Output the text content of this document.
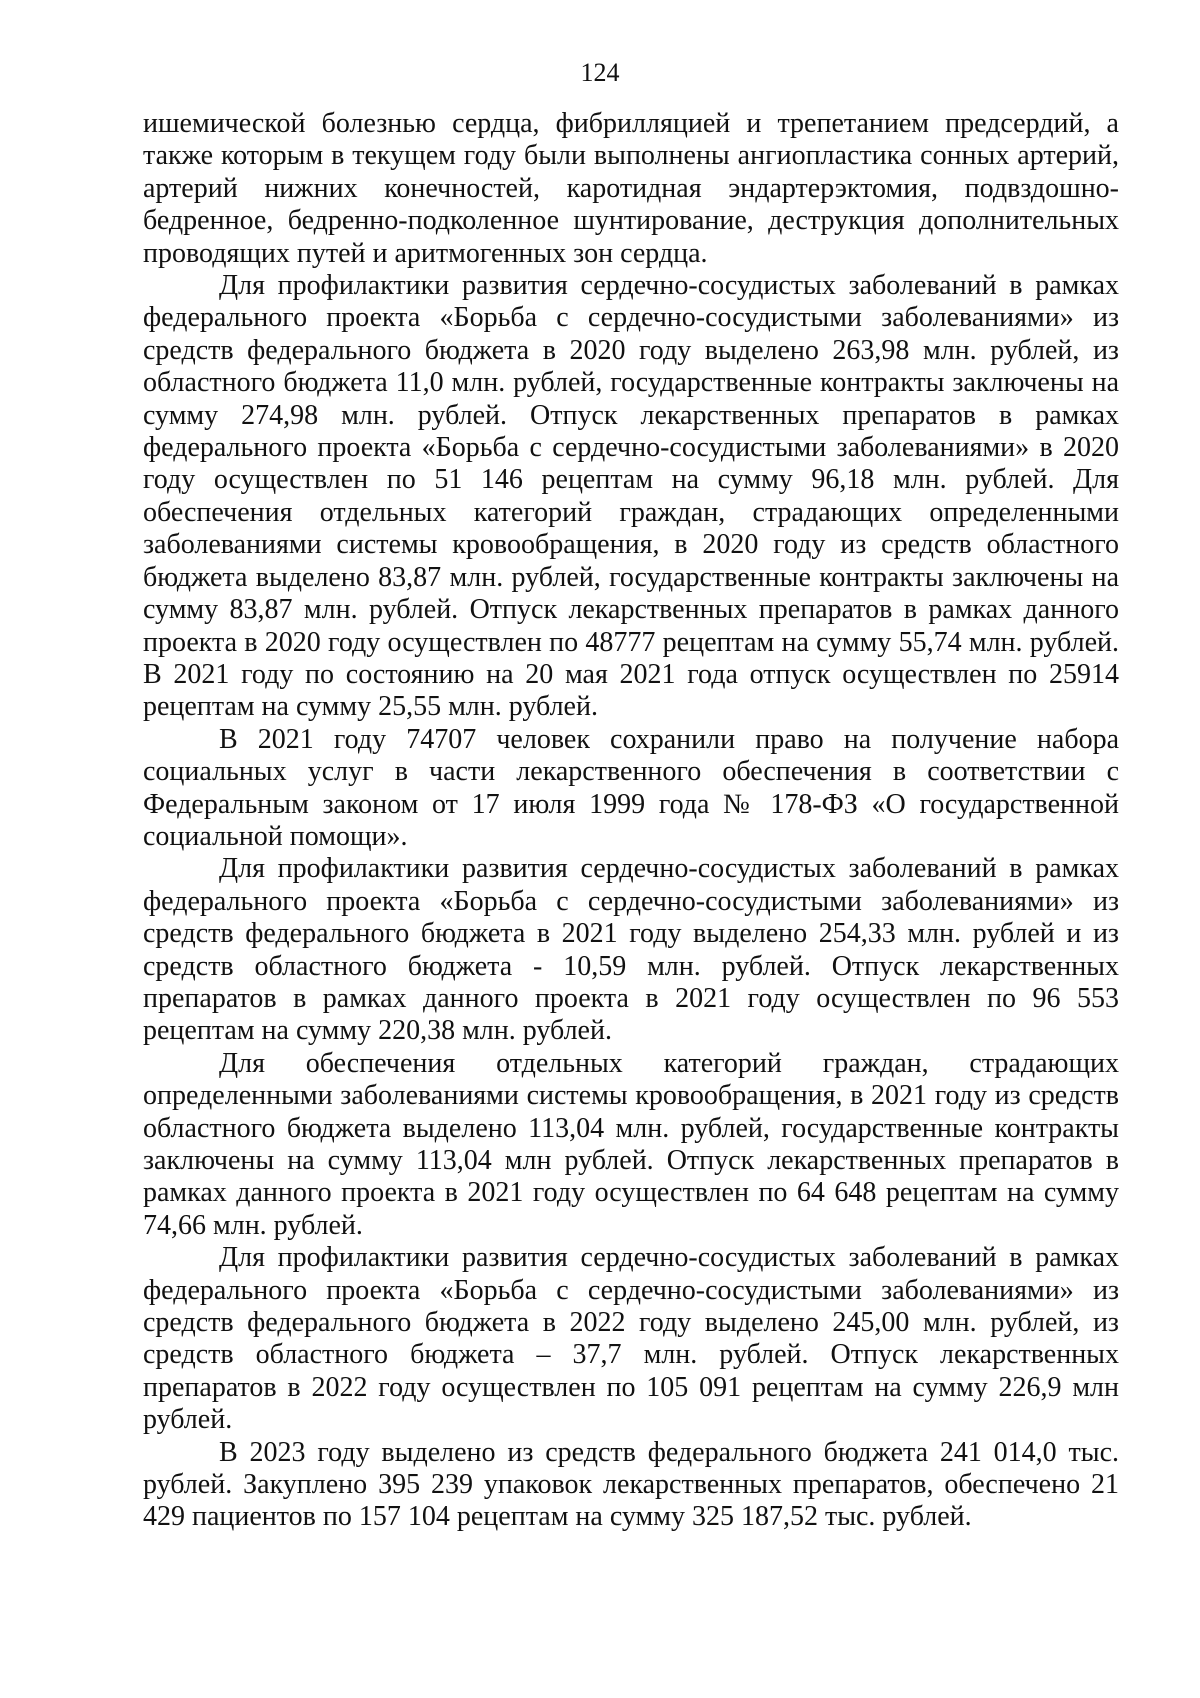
124

ишемической болезнью сердца, фибрилляцией и трепетанием предсердий, а также которым в текущем году были выполнены ангиопластика сонных артерий, артерий нижних конечностей, каротидная эндартерэктомия, подвздошно-бедренное, бедренно-подколенное шунтирование, деструкция дополнительных проводящих путей и аритмогенных зон сердца.

Для профилактики развития сердечно-сосудистых заболеваний в рамках федерального проекта «Борьба с сердечно-сосудистыми заболеваниями» из средств федерального бюджета в 2020 году выделено 263,98 млн. рублей, из областного бюджета 11,0 млн. рублей, государственные контракты заключены на сумму 274,98 млн. рублей. Отпуск лекарственных препаратов в рамках федерального проекта «Борьба с сердечно-сосудистыми заболеваниями» в 2020 году осуществлен по 51 146 рецептам на сумму 96,18 млн. рублей. Для обеспечения отдельных категорий граждан, страдающих определенными заболеваниями системы кровообращения, в 2020 году из средств областного бюджета выделено 83,87 млн. рублей, государственные контракты заключены на сумму 83,87 млн. рублей. Отпуск лекарственных препаратов в рамках данного проекта в 2020 году осуществлен по 48777 рецептам на сумму 55,74 млн. рублей. В 2021 году по состоянию на 20 мая 2021 года отпуск осуществлен по 25914 рецептам на сумму 25,55 млн. рублей.

В 2021 году 74707 человек сохранили право на получение набора социальных услуг в части лекарственного обеспечения в соответствии с Федеральным законом от 17 июля 1999 года № 178-ФЗ «О государственной социальной помощи».

Для профилактики развития сердечно-сосудистых заболеваний в рамках федерального проекта «Борьба с сердечно-сосудистыми заболеваниями» из средств федерального бюджета в 2021 году выделено 254,33 млн. рублей и из средств областного бюджета - 10,59 млн. рублей. Отпуск лекарственных препаратов в рамках данного проекта в 2021 году осуществлен по 96 553 рецептам на сумму 220,38 млн. рублей.

Для обеспечения отдельных категорий граждан, страдающих определенными заболеваниями системы кровообращения, в 2021 году из средств областного бюджета выделено 113,04 млн. рублей, государственные контракты заключены на сумму 113,04 млн рублей. Отпуск лекарственных препаратов в рамках данного проекта в 2021 году осуществлен по 64 648 рецептам на сумму 74,66 млн. рублей.

Для профилактики развития сердечно-сосудистых заболеваний в рамках федерального проекта «Борьба с сердечно-сосудистыми заболеваниями» из средств федерального бюджета в 2022 году выделено 245,00 млн. рублей, из средств областного бюджета – 37,7 млн. рублей. Отпуск лекарственных препаратов в 2022 году осуществлен по 105 091 рецептам на сумму 226,9 млн рублей.

В 2023 году выделено из средств федерального бюджета 241 014,0 тыс. рублей. Закуплено 395 239 упаковок лекарственных препаратов, обеспечено 21 429 пациентов по 157 104 рецептам на сумму 325 187,52 тыс. рублей.
